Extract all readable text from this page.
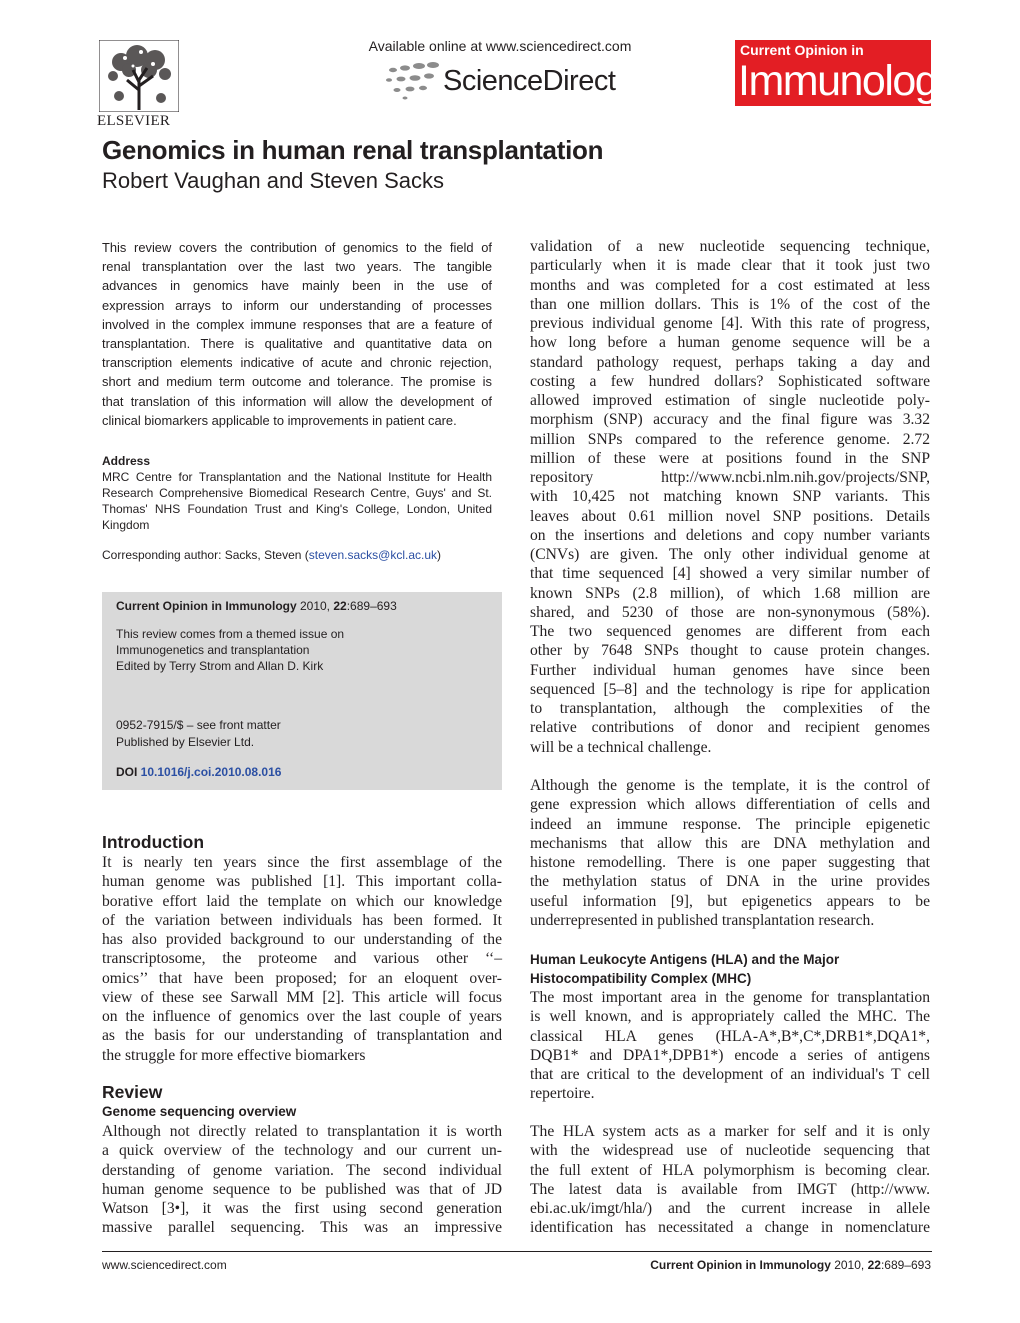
ELSEVIER
Available online at www.sciencedirect.com
ScienceDirect
Current Opinion in
Immunology
Genomics in human renal transplantation
Robert Vaughan and Steven Sacks
This review covers the contribution of genomics to the field of
renal transplantation over the last two years. The tangible
advances in genomics have mainly been in the use of
expression arrays to inform our understanding of processes
involved in the complex immune responses that are a feature of
transplantation. There is qualitative and quantitative data on
transcription elements indicative of acute and chronic rejection,
short and medium term outcome and tolerance. The promise is
that translation of this information will allow the development of
clinical biomarkers applicable to improvements in patient care.
Address
MRC Centre for Transplantation and the National Institute for Health
Research Comprehensive Biomedical Research Centre, Guys' and St.
Thomas' NHS Foundation Trust and King's College, London, United
Kingdom
Corresponding author: Sacks, Steven (steven.sacks@kcl.ac.uk)
Current Opinion in Immunology 2010, 22:689–693
This review comes from a themed issue on
Immunogenetics and transplantation
Edited by Terry Strom and Allan D. Kirk
0952-7915/$ – see front matter
Published by Elsevier Ltd.
DOI 10.1016/j.coi.2010.08.016
Introduction
It is nearly ten years since the first assemblage of the
human genome was published [1]. This important colla-
borative effort laid the template on which our knowledge
of the variation between individuals has been formed. It
has also provided background to our understanding of the
transcriptosome, the proteome and various other ‘‘–
omics’’ that have been proposed; for an eloquent over-
view of these see Sarwall MM [2]. This article will focus
on the influence of genomics over the last couple of years
as the basis for our understanding of transplantation and
the struggle for more effective biomarkers
Review
Genome sequencing overview
Although not directly related to transplantation it is worth
a quick overview of the technology and our current un-
derstanding of genome variation. The second individual
human genome sequence to be published was that of JD
Watson [3•], it was the first using second generation
massive parallel sequencing. This was an impressive
validation of a new nucleotide sequencing technique,
particularly when it is made clear that it took just two
months and was completed for a cost estimated at less
than one million dollars. This is 1% of the cost of the
previous individual genome [4]. With this rate of progress,
how long before a human genome sequence will be a
standard pathology request, perhaps taking a day and
costing a few hundred dollars? Sophisticated software
allowed improved estimation of single nucleotide poly-
morphism (SNP) accuracy and the final figure was 3.32
million SNPs compared to the reference genome. 2.72
million of these were at positions found in the SNP
repository http://www.ncbi.nlm.nih.gov/projects/SNP,
with 10,425 not matching known SNP variants. This
leaves about 0.61 million novel SNP positions. Details
on the insertions and deletions and copy number variants
(CNVs) are given. The only other individual genome at
that time sequenced [4] showed a very similar number of
known SNPs (2.8 million), of which 1.68 million are
shared, and 5230 of those are non-synonymous (58%).
The two sequenced genomes are different from each
other by 7648 SNPs thought to cause protein changes.
Further individual human genomes have since been
sequenced [5–8] and the technology is ripe for application
to transplantation, although the complexities of the
relative contributions of donor and recipient genomes
will be a technical challenge.
Although the genome is the template, it is the control of
gene expression which allows differentiation of cells and
indeed an immune response. The principle epigenetic
mechanisms that allow this are DNA methylation and
histone remodelling. There is one paper suggesting that
the methylation status of DNA in the urine provides
useful information [9], but epigenetics appears to be
underrepresented in published transplantation research.
Human Leukocyte Antigens (HLA) and the Major
Histocompatibility Complex (MHC)
The most important area in the genome for transplantation
is well known, and is appropriately called the MHC. The
classical HLA genes (HLA-A*,B*,C*,DRB1*,DQA1*,
DQB1* and DPA1*,DPB1*) encode a series of antigens
that are critical to the development of an individual's T cell
repertoire.
The HLA system acts as a marker for self and it is only
with the widespread use of nucleotide sequencing that
the full extent of HLA polymorphism is becoming clear.
The latest data is available from IMGT (http://www.
ebi.ac.uk/imgt/hla/) and the current increase in allele
identification has necessitated a change in nomenclature
www.sciencedirect.com	Current Opinion in Immunology 2010, 22:689–693
